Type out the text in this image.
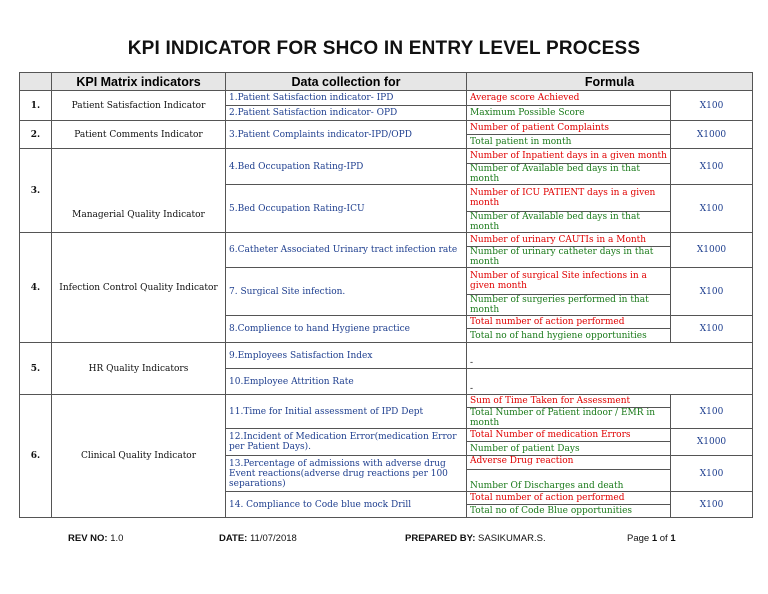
KPI INDICATOR FOR SHCO IN ENTRY LEVEL PROCESS
	KPI Matrix indicators	Data collection for	Formula	
1.	Patient Satisfaction Indicator	1.Patient Satisfaction indicator- IPD	Average score Achieved	X100
		2.Patient Satisfaction indicator- OPD	Maximum Possible Score	
2.	Patient Comments Indicator	3.Patient Complaints indicator-IPD/OPD	Number of patient Complaints	X1000
			Total patient in month	
3.	Managerial Quality Indicator	4.Bed Occupation Rating-IPD	Number of Inpatient days in a given month	X100
			Number of Available bed days in that month	
		5.Bed Occupation Rating-ICU	Number of ICU PATIENT days in a given month	X100
			Number of Available bed days in that month	
4.	Infection Control Quality Indicator	6.Catheter Associated Urinary tract infection rate	Number of urinary CAUTIs in a Month	X1000
			Number of urinary catheter days in that month	
		7. Surgical Site infection.	Number of surgical Site infections in a given month	X100
			Number of surgeries performed in that month	
		8.Complience to hand Hygiene practice	Total number of action performed	X100
			Total no of hand hygiene opportunities	
5.	HR Quality Indicators	9.Employees Satisfaction Index	-	
		10.Employee Attrition Rate	-	
6.	Clinical Quality Indicator	11.Time for Initial assessment of IPD Dept	Sum of Time Taken for Assessment	X100
			Total Number of Patient indoor / EMR in month	
		12.Incident of Medication Error(medication Error per Patient Days).	Total Number of medication Errors	X1000
			Number of patient Days	
		13.Percentage of admissions with adverse drug Event reactions(adverse drug reactions per 100 separations)	Adverse Drug reaction	X100
			Number Of Discharges and death	
		14. Compliance to Code blue mock Drill	Total number of action performed	X100
			Total no of Code Blue opportunities	
REV NO: 1.0	DATE: 11/07/2018	PREPARED BY: SASIKUMAR.S.	Page 1 of 1
